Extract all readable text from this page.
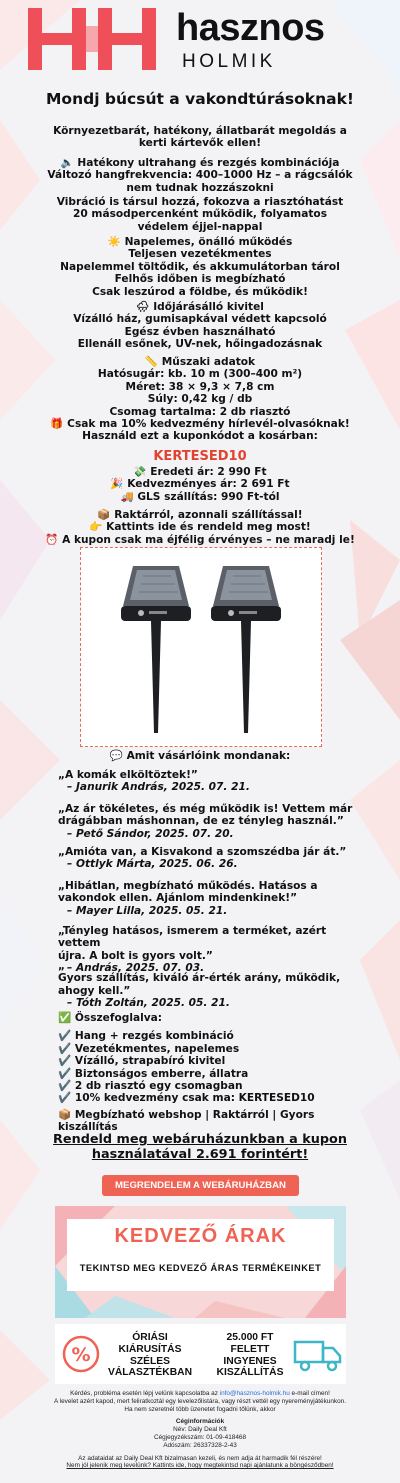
hasznos
HOLMIK
Mondj búcsút a vakondtúrásoknak!
Környezetbarát, hatékony, állatbarát megoldás a
kerti kártevők ellen!
🔈 Hatékony ultrahang és rezgés kombinációja
Változó hangfrekvencia: 400–1000 Hz – a rágcsálók
nem tudnak hozzászokni
Vibráció is társul hozzá, fokozva a riasztóhatást
20 másodpercenként működik, folyamatos
védelem éjjel-nappal
☀️ Napelemes, önálló működés
Teljesen vezetékmentes
Napelemmel töltődik, és akkumulátorban tárol
Felhős időben is megbízható
Csak leszúrod a földbe, és működik!
🌧 Időjárásálló kivitel
Vízálló ház, gumisapkával védett kapcsoló
Egész évben használható
Ellenáll esőnek, UV-nek, hőingadozásnak
📏 Műszaki adatok
Hatósugár: kb. 10 m (300–400 m²)
Méret: 38 × 9,3 × 7,8 cm
Súly: 0,42 kg / db
Csomag tartalma: 2 db riasztó
🎁 Csak ma 10% kedvezmény hírlevél-olvasóknak!
Használd ezt a kuponkódot a kosárban:
KERTESED10
💸 Eredeti ár: 2 990 Ft
🎉 Kedvezményes ár: 2 691 Ft
🚚 GLS szállítás: 990 Ft-tól
📦 Raktárról, azonnali szállítással!
👉 Kattints ide és rendeld meg most!
⏰ A kupon csak ma éjfélig érvényes – ne maradj le!
💬 Amit vásárlóink mondanak:
„A komák elköltöztek!”
– Janurik András, 2025. 07. 21.
„Az ár tökéletes, és még működik is! Vettem már
drágábban máshonnan, de ez tényleg használ.”
– Pető Sándor, 2025. 07. 20.
„Amióta van, a Kisvakond a szomszédba jár át.”
– Ottlyk Márta, 2025. 06. 26.
„Hibátlan, megbízható működés. Hatásos a
vakondok ellen. Ajánlom mindenkinek!”
– Mayer Lilla, 2025. 05. 21.
„Tényleg hatásos, ismerem a terméket, azért vettem
újra. A bolt is gyors volt.”
– András, 2025. 07. 03.
„
Gyors szállítás, kiváló ár-érték arány, működik,
ahogy kell.”
– Tóth Zoltán, 2025. 05. 21.
✅ Összefoglalva:
✔️ Hang + rezgés kombináció
✔️ Vezetékmentes, napelemes
✔️ Vízálló, strapabíró kivitel
✔️ Biztonságos emberre, állatra
✔️ 2 db riasztó egy csomagban
✔️ 10% kedvezmény csak ma: KERTESED10
📦 Megbízható webshop | Raktárról | Gyors
kiszállítás
Rendeld meg webáruházunkban a kupon
használatával 2.691 forintért!
MEGRENDELEM A WEBÁRUHÁZBAN
KEDVEZŐ ÁRAK
TEKINTSD MEG KEDVEZŐ ÁRAS TERMÉKEINKET
%
ÓRIÁSI
KIÁRUSÍTÁS
SZÉLES
VÁLASZTÉKBAN
25.000 FT
FELETT
INGYENES
KISZÁLLÍTÁS
Kérdés, probléma esetén lépj velünk kapcsolatba az info@hasznos-holmik.hu e-mail címen!
A levelet azért kapod, mert feliratkoztál egy levelezőlistára, vagy részt vettél egy nyereményjátékunkon.
Ha nem szeretnél több üzenetet fogadni tőlünk, akkor
Céginformációk
Név: Daily Deal Kft
Cégjegyzékszám: 01-09-418468
Adószám: 26337328-2-43
Az adataidat az Daily Deal Kft bizalmasan kezeli, és nem adja át harmadik fél részére!
Nem jól jelenik meg levelünk? Kattints ide, hogy megtekintsd napi ajánlatunk a böngésződben!
